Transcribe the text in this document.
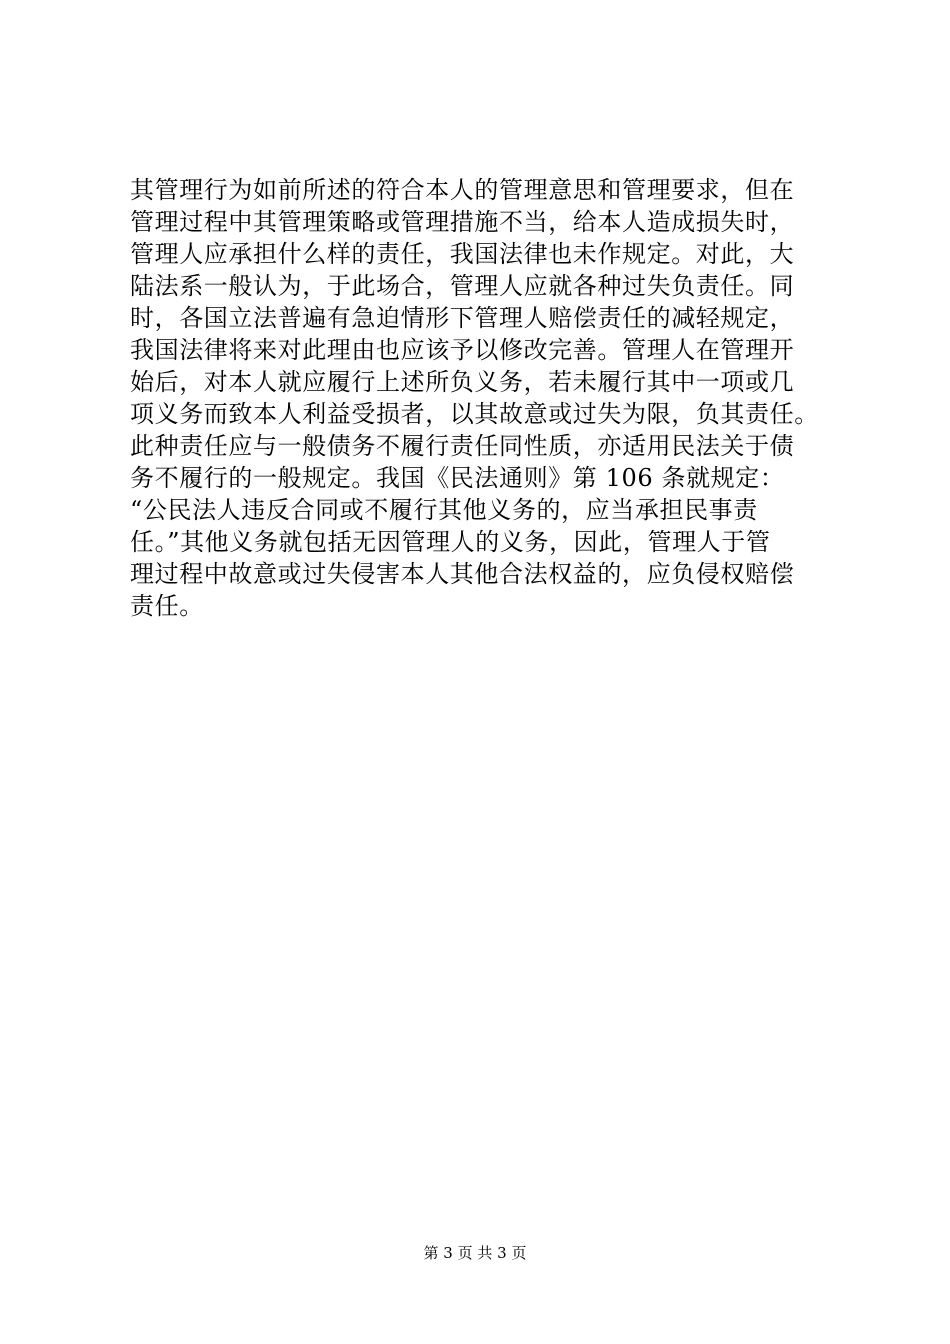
其管理行为如前所述的符合本人的管理意思和管理要求，但在
管理过程中其管理策略或管理措施不当，给本人造成损失时，
管理人应承担什么样的责任，我国法律也未作规定。对此，大
陆法系一般认为，于此场合，管理人应就各种过失负责任。同
时，各国立法普遍有急迫情形下管理人赔偿责任的减轻规定，
我国法律将来对此理由也应该予以修改完善。管理人在管理开
始后，对本人就应履行上述所负义务，若未履行其中一项或几
项义务而致本人利益受损者，以其故意或过失为限，负其责任。
此种责任应与一般债务不履行责任同性质，亦适用民法关于债
务不履行的一般规定。我国《民法通则》第 106 条就规定：
“公民法人违反合同或不履行其他义务的，应当承担民事责
任。”其他义务就包括无因管理人的义务，因此，管理人于管
理过程中故意或过失侵害本人其他合法权益的，应负侵权赔偿
责任。
第 3 页 共 3 页
